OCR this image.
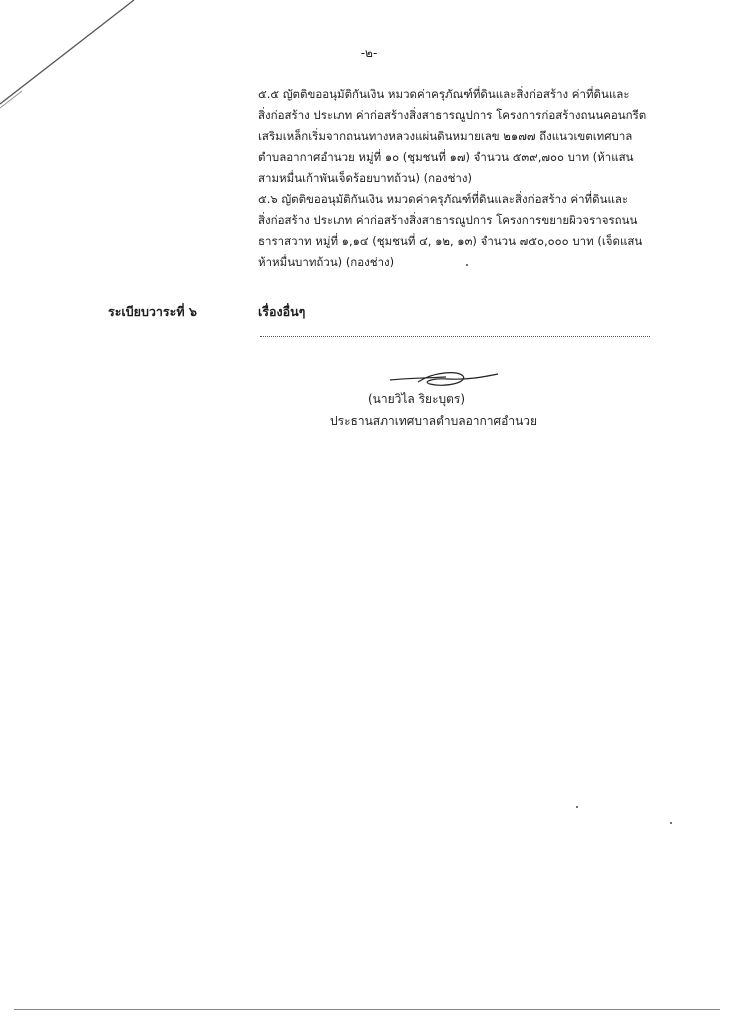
-๒-
๕.๕ ญัตติขออนุมัติกันเงิน หมวดค่าครุภัณฑ์ที่ดินและสิ่งก่อสร้าง ค่าที่ดินและ
สิ่งก่อสร้าง ประเภท ค่าก่อสร้างสิ่งสาธารณูปการ โครงการก่อสร้างถนนคอนกรีต
เสริมเหล็กเริ่มจากถนนทางหลวงแผ่นดินหมายเลข ๒๑๗๗ ถึงแนวเขตเทศบาล
ตำบลอากาศอำนวย หมู่ที่ ๑๐ (ชุมชนที่ ๑๗) จำนวน ๕๓๙,๗๐๐ บาท (ห้าแสน
สามหมื่นเก้าพันเจ็ดร้อยบาทถ้วน) (กองช่าง)
๕.๖ ญัตติขออนุมัติกันเงิน หมวดค่าครุภัณฑ์ที่ดินและสิ่งก่อสร้าง ค่าที่ดินและ
สิ่งก่อสร้าง ประเภท ค่าก่อสร้างสิ่งสาธารณูปการ โครงการขยายผิวจราจรถนน
ธาราสวาท หมู่ที่ ๑,๑๔ (ชุมชนที่ ๔, ๑๒, ๑๓) จำนวน ๗๕๐,๐๐๐ บาท (เจ็ดแสน
ห้าหมื่นบาทถ้วน) (กองช่าง)
ระเบียบวาระที่ ๖	เรื่องอื่นๆ
(นายวิไล ริยะบุตร)
ประธานสภาเทศบาลตำบลอากาศอำนวย
